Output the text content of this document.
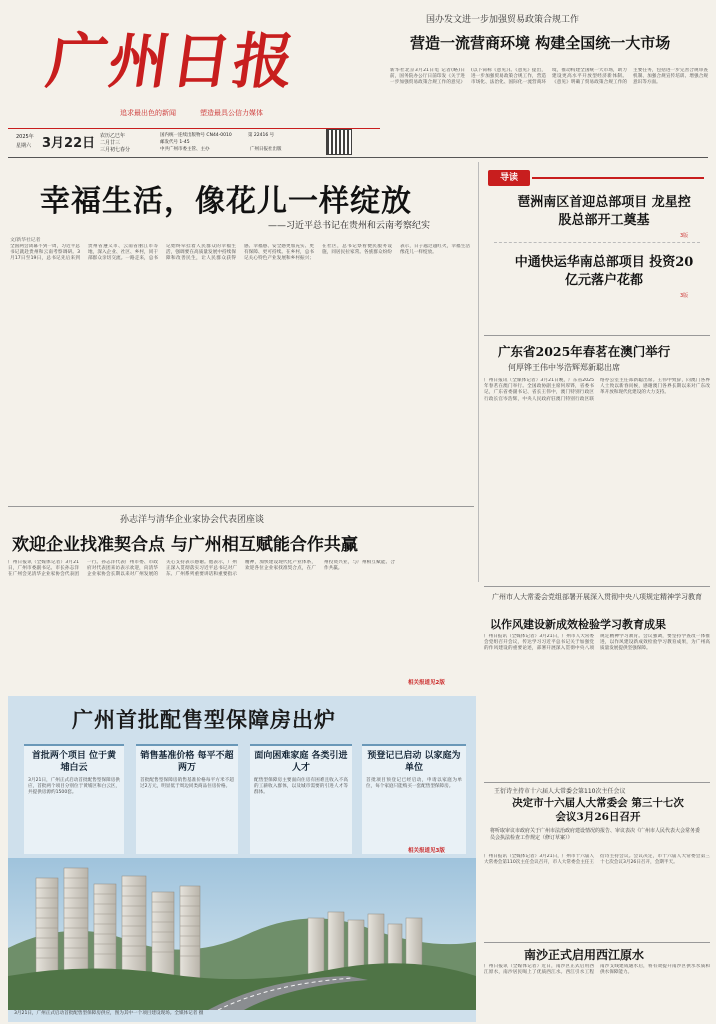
广州日报
追求最出色的新闻	塑造最具公信力媒体
2025年
星期六 3月22日 农历乙巳年
二月廿三
三月初七春分
国内统一连续出版物号 CN44-0010	第 22416 号
邮发代号 1-45
中共广州市委主管、主办	广州日报社出版
国办发文进一步加强贸易政策合规工作
营造一流营商环境 构建全国统一大市场
新华社北京3月21日电 记者(略)日前，国务院办公厅日前印发《关于进一步加强贸易政策合规工作的意见》(以下简称《意见》)。《意见》提出，进一步加强贸易政策合规工作，营造市场化、法治化、国际化一流营商环境，推动构建全国统一大市场，助力建设更高水平开放型经济新体制。《意见》明确了贸易政策合规工作的主要任务，包括进一步完善合规审查机制、加强合规宣传培训、增强合规意识等方面。
幸福生活，像花儿一样绽放
——习近平总书记在贵州和云南考察纪实
文/新华社记者
全国两会闭幕不到一周，习近平总书记就赴贵州和云南考察调研。3月17日至19日，总书记先后来到贵州省遵义市、云南省丽江市等地，深入企业、社区、乡村，同干部群众亲切交流。一路走来，总书记始终牵挂着人民群众的幸福生活，强调要在高质量发展中持续保障和改善民生，让人民群众获得感、幸福感、安全感更加充实、更有保障、更可持续。在乡村，总书记关心特色产业发展和乡村振兴；在社区，总书记察看便民服务设施，同居民拉家常。各族群众纷纷表示，日子越过越红火，幸福生活像花儿一样绽放。
导读
琶洲南区首迎总部项目 龙星控股总部开工奠基
3版
中通快运华南总部项目 投资20亿元落户花都
3版
广东省2025年春茗在澳门举行
何厚铧王伟中岑浩辉郑新聪出席
广州日报讯（全媒体记者）3月21日晚，广东省2025年春茗在澳门举行。全国政协副主席何厚铧，省委书记，广东省委副书记、省长王伟中，澳门特别行政区行政长官岑浩辉，中央人民政府驻澳门特别行政区联络办公室主任郑新聪出席。王伟中致辞，向澳门各界人士致以新春问候，感谢澳门各界长期以来对广东改革开放和现代化建设的大力支持。
孙志洋与清华企业家协会代表团座谈
欢迎企业找准契合点 与广州相互赋能合作共赢
广州日报讯（全媒体记者）3月21日，广州市委副书记、市长孙志洋在广州会见清华企业家协会代表团一行。孙志洋代表广州市委、市政府对代表团来访表示欢迎，向清华企业家协会长期以来对广州发展的关心支持表示感谢。他表示，广州正深入贯彻落实习近平总书记对广东、广州系列重要讲话和重要指示精神，加快建设现代化产业体系，欢迎各位企业家找准契合点，在广州投资兴业，与广州相互赋能、合作共赢。
相关报道见2版
广州市人大常委会党组部署开展深入贯彻中央八项规定精神学习教育
以作风建设新成效检验学习教育成果
广州日报讯（全媒体记者）3月21日，广州市人大常委会党组召开会议，传达学习习近平总书记关于加强党的作风建设的重要论述，部署开展深入贯彻中央八项规定精神学习教育。会议强调，要坚持学查改一体推进，以作风建设新成效检验学习教育成果，为广州高质量发展提供坚强保障。
王衍诗主持市十六届人大常委会第110次主任会议
决定市十六届人大常委会 第三十七次会议3月26日召开
将听取审议市政府关于广州市法治政府建设情况的报告、审议表决《广州市人民代表大会常务委员会执法检查工作规定（修订草案）》
广州日报讯（全媒体记者）3月21日，广州市十六届人大常委会第110次主任会议召开，市人大常委会主任王衍诗主持会议。会议决定，市十六届人大常委会第三十七次会议3月26日召开，会期半天。
南沙正式启用西江原水
广州日报讯（全媒体记者）近日，南沙区正式启用西江原水，南沙居民喝上了优质西江水。西江引水工程南沙支线建成通水后，将有效提升南沙区供水水质和供水保障能力。
广州首批配售型保障房出炉
首批两个项目 位于黄埔白云
3月21日，广州正式启动首批配售型保障房供应，首批两个项目分别位于黄埔区和白云区，共提供房源约1500套。
销售基准价格 每平不超两万
首批配售型保障房销售基准价格每平方米不超过2万元，明显低于周边同类商品住房价格。
面向困难家庭 各类引进人才
配售型保障房主要面向住房有困难且收入不高的工薪收入群体，以及城市需要的引进人才等群体。
预登记已启动 以家庭为单位
首批项目预登记已经启动，申请以家庭为单位，每个家庭只能购买一套配售型保障房。
相关报道见3版
3月21日，广州正式启动首批配售型保障房供应，图为其中一个项目建设现场。全媒体记者 摄
